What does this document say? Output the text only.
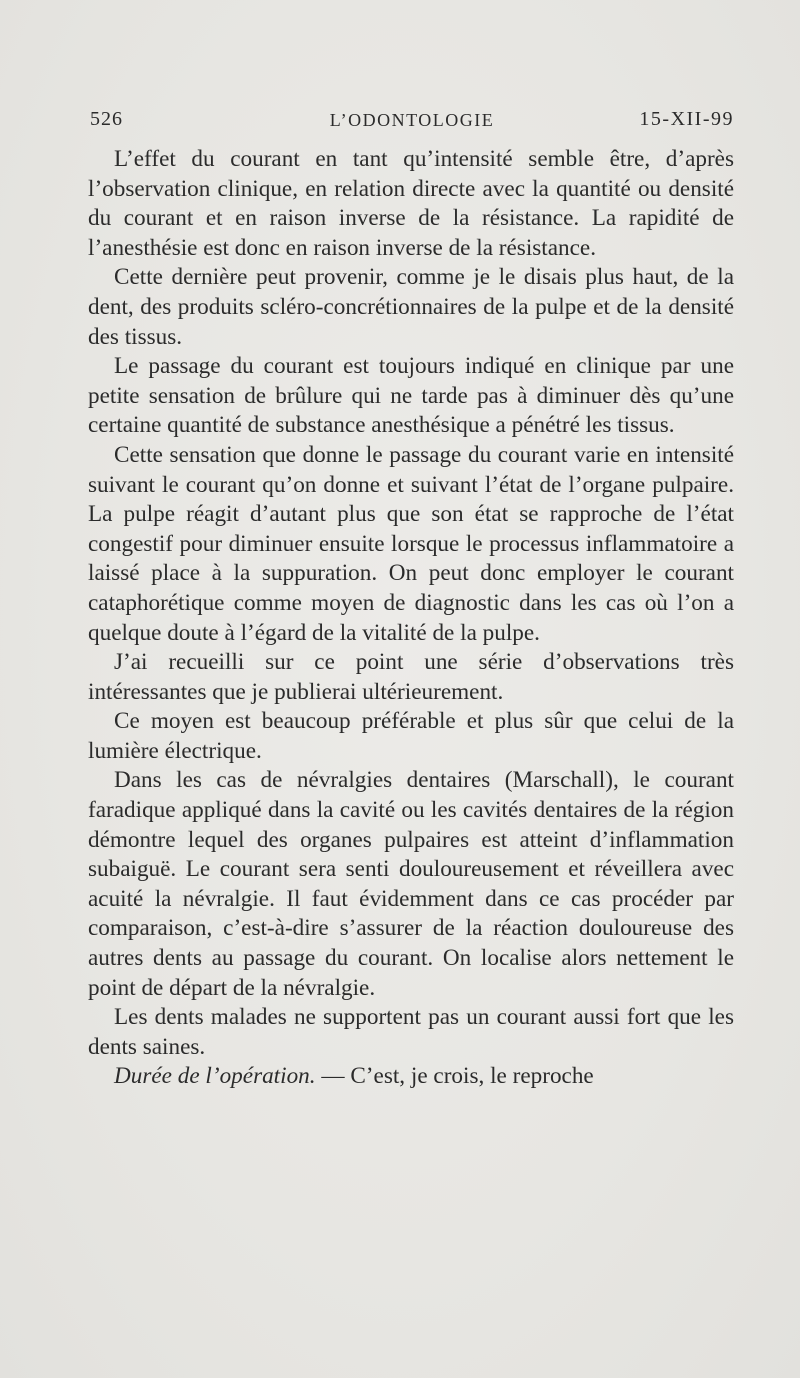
526	L’ODONTOLOGIE	15-XII-99

L’effet du courant en tant qu’intensité semble être, d’après l’observation clinique, en relation directe avec la quantité ou densité du courant et en raison inverse de la résistance. La rapidité de l’anesthésie est donc en raison inverse de la résistance.

Cette dernière peut provenir, comme je le disais plus haut, de la dent, des produits scléro-concrétionnaires de la pulpe et de la densité des tissus.

Le passage du courant est toujours indiqué en clinique par une petite sensation de brûlure qui ne tarde pas à diminuer dès qu’une certaine quantité de substance anesthésique a pénétré les tissus.

Cette sensation que donne le passage du courant varie en intensité suivant le courant qu’on donne et suivant l’état de l’organe pulpaire. La pulpe réagit d’autant plus que son état se rapproche de l’état congestif pour diminuer ensuite lorsque le processus inflammatoire a laissé place à la suppuration. On peut donc employer le courant cataphorétique comme moyen de diagnostic dans les cas où l’on a quelque doute à l’égard de la vitalité de la pulpe.

J’ai recueilli sur ce point une série d’observations très intéressantes que je publierai ultérieurement.

Ce moyen est beaucoup préférable et plus sûr que celui de la lumière électrique.

Dans les cas de névralgies dentaires (Marschall), le courant faradique appliqué dans la cavité ou les cavités dentaires de la région démontre lequel des organes pulpaires est atteint d’inflammation subaiguë. Le courant sera senti douloureusement et réveillera avec acuité la névralgie. Il faut évidemment dans ce cas procéder par comparaison, c’est-à-dire s’assurer de la réaction douloureuse des autres dents au passage du courant. On localise alors nettement le point de départ de la névralgie.

Les dents malades ne supportent pas un courant aussi fort que les dents saines.

Durée de l’opération. — C’est, je crois, le reproche
